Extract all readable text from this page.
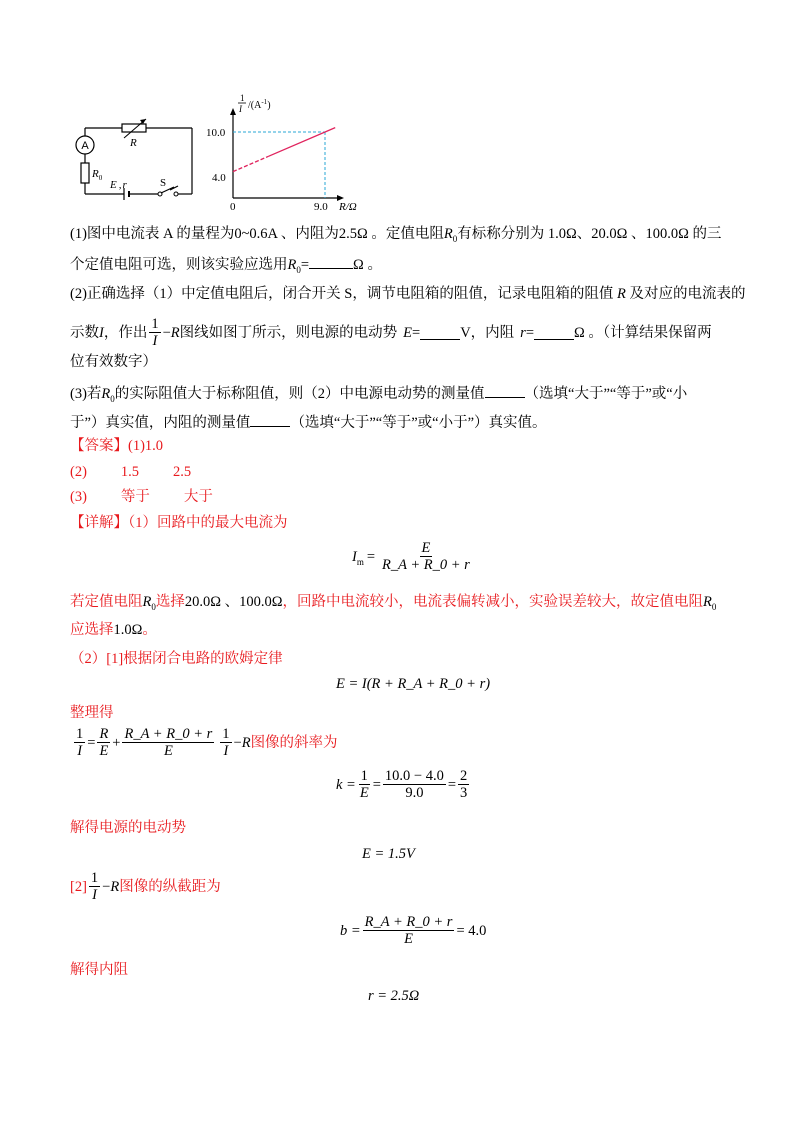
A	R
$R_0$
E ,r	S
1
I $/(A^{-1})$
10.0
4.0
0	9.0 R/Ω
(1)图中电流表 A 的量程为0~0.6A 、内阻为2.5Ω 。定值电阻$R_0$有标称分别为 1.0Ω、20.0Ω 、100.0Ω 的三
个定值电阻可选，则该实验应选用$R_0=$	Ω 。
(2)正确选择（1）中定值电阻后，闭合开关 S，调节电阻箱的阻值，记录电阻箱的阻值 R 及对应的电流表的
示数 I ，作出 $\frac{1}{I} - R$ 图线如图丁所示，则电源的电动势 E =	V，内阻 r =	Ω 。（计算结果保留两
位有效数字）
(3)若$R_0$的实际阻值大于标称阻值，则（2）中电源电动势的测量值	（选填“大于”“等于”或“小
于”）真实值，内阻的测量值	（选填“大于”“等于”或“小于”）真实值。
【答案】(1)1.0
(2) 1.5 2.5
(3) 等于 大于
【详解】（1）回路中的最大电流为
$I_m = \frac{E}{R\_A + R\_0 + r}$
若定值电阻$R_0$选择20.0Ω 、100.0Ω，回路中电流较小，电流表偏转减小，实验误差较大，故定值电阻$R_0$
应选择1.0Ω。
（2）[1]根据闭合电路的欧姆定律
E = I(R + R_A + R_0 + r)
整理得
$\frac{1}{I} = \frac{R}{E} + \frac{R\_A + R\_0 + r}{E} \frac{1}{I} - R$ 图像的斜率为
$k = \frac{1}{E} = \frac{10.0 - 4.0}{9.0} = \frac{2}{3}$
解得电源的电动势
E = 1.5V
$[2] \frac{1}{I} - R$ 图像的纵截距为
$b = \frac{R\_A + R\_0 + r}{E} = 4.0$
解得内阻
r = 2.5Ω
